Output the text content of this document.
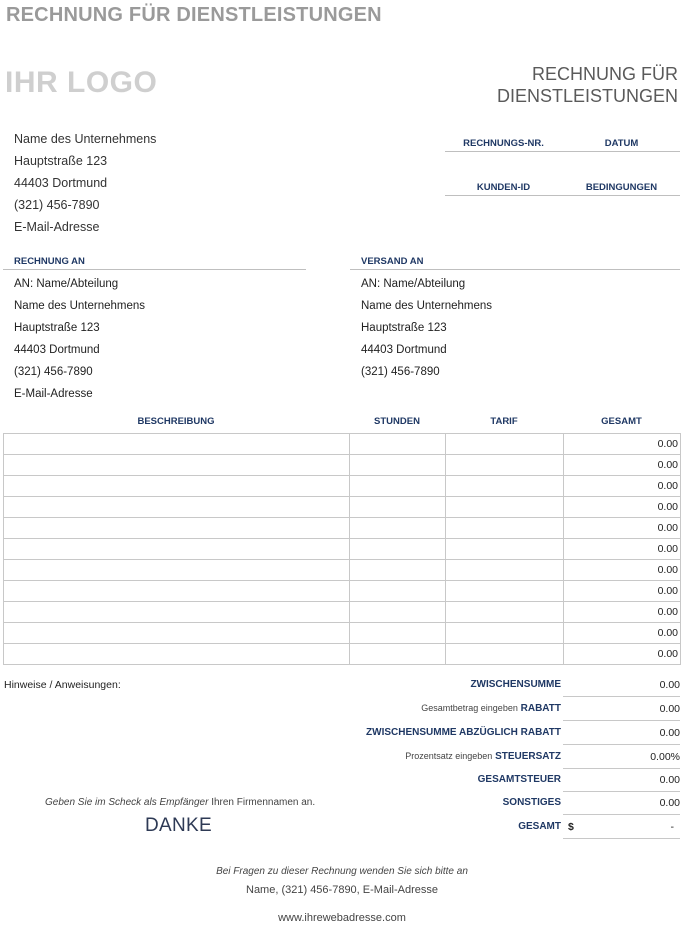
RECHNUNG FÜR DIENSTLEISTUNGEN
IHR LOGO	RECHNUNG FÜR
DIENSTLEISTUNGEN
Name des Unternehmens
Hauptstraße 123
44403 Dortmund
(321) 456-7890
E-Mail-Adresse
RECHNUNGS-NR.	DATUM
KUNDEN-ID	BEDINGUNGEN
RECHNUNG AN
AN: Name/Abteilung
Name des Unternehmens
Hauptstraße 123
44403 Dortmund
(321) 456-7890
E-Mail-Adresse
VERSAND AN
AN: Name/Abteilung
Name des Unternehmens
Hauptstraße 123
44403 Dortmund
(321) 456-7890
BESCHREIBUNG	STUNDEN	TARIF	GESAMT
			0.00
			0.00
			0.00
			0.00
			0.00
			0.00
			0.00
			0.00
			0.00
			0.00
			0.00
Hinweise / Anweisungen:	ZWISCHENSUMME	0.00
Gesamtbetrag eingeben RABATT	0.00
ZWISCHENSUMME ABZÜGLICH RABATT	0.00
Prozentsatz eingeben STEUERSATZ	0.00%
GESAMTSTEUER	0.00
SONSTIGES	0.00
GESAMT $	-
Geben Sie im Scheck als Empfänger Ihren Firmennamen an.
DANKE
Bei Fragen zu dieser Rechnung wenden Sie sich bitte an
Name, (321) 456-7890, E-Mail-Adresse
www.ihrewebadresse.com
